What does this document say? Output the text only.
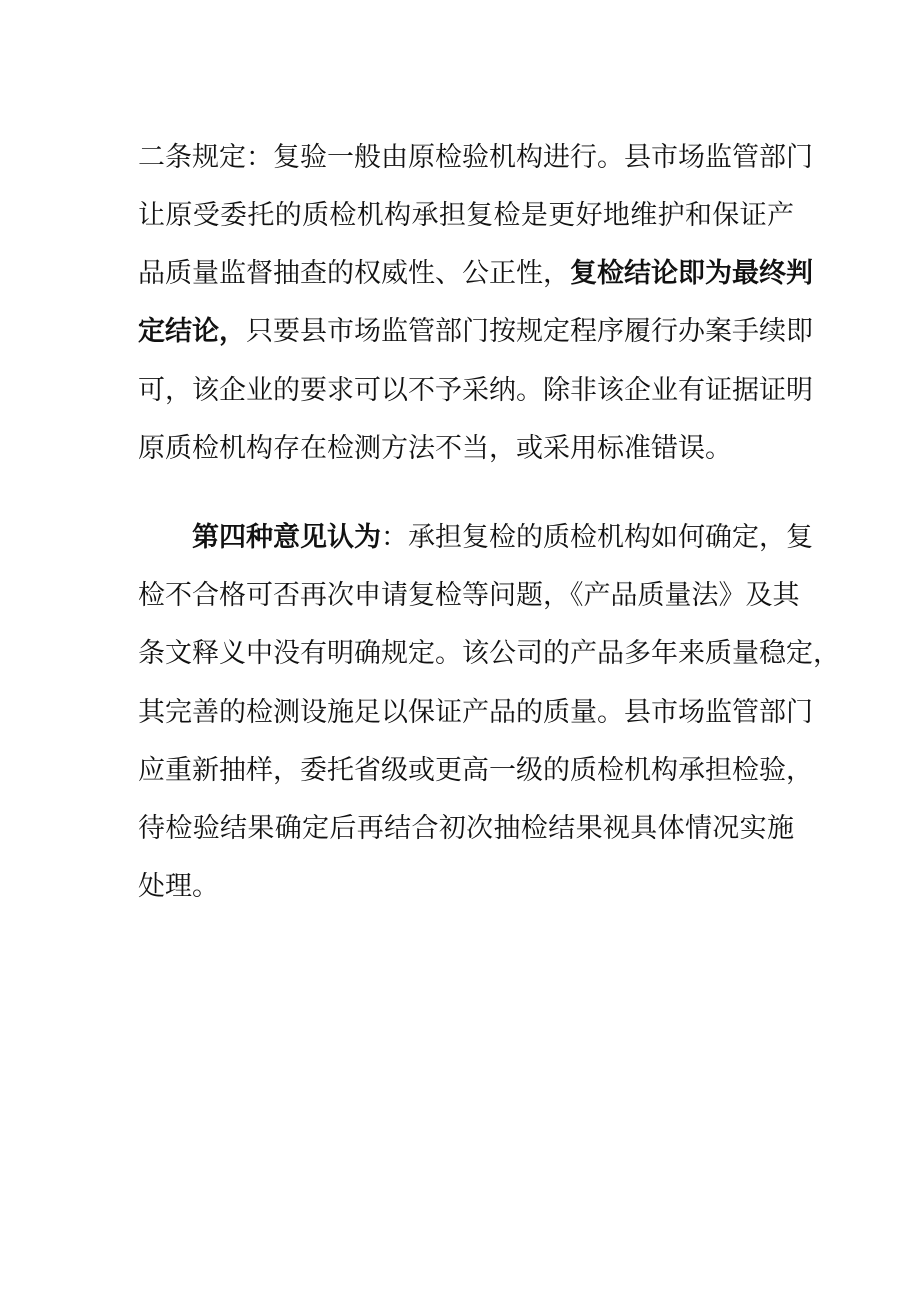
二条规定：复验一般由原检验机构进行。县市场监管部门
让原受委托的质检机构承担复检是更好地维护和保证产
品质量监督抽查的权威性、公正性，复检结论即为最终判
定结论，只要县市场监管部门按规定程序履行办案手续即
可，该企业的要求可以不予采纳。除非该企业有证据证明
原质检机构存在检测方法不当，或采用标准错误。
第四种意见认为：承担复检的质检机构如何确定，复
检不合格可否再次申请复检等问题，《产品质量法》及其
条文释义中没有明确规定。该公司的产品多年来质量稳定，
其完善的检测设施足以保证产品的质量。县市场监管部门
应重新抽样，委托省级或更高一级的质检机构承担检验，
待检验结果确定后再结合初次抽检结果视具体情况实施
处理。
